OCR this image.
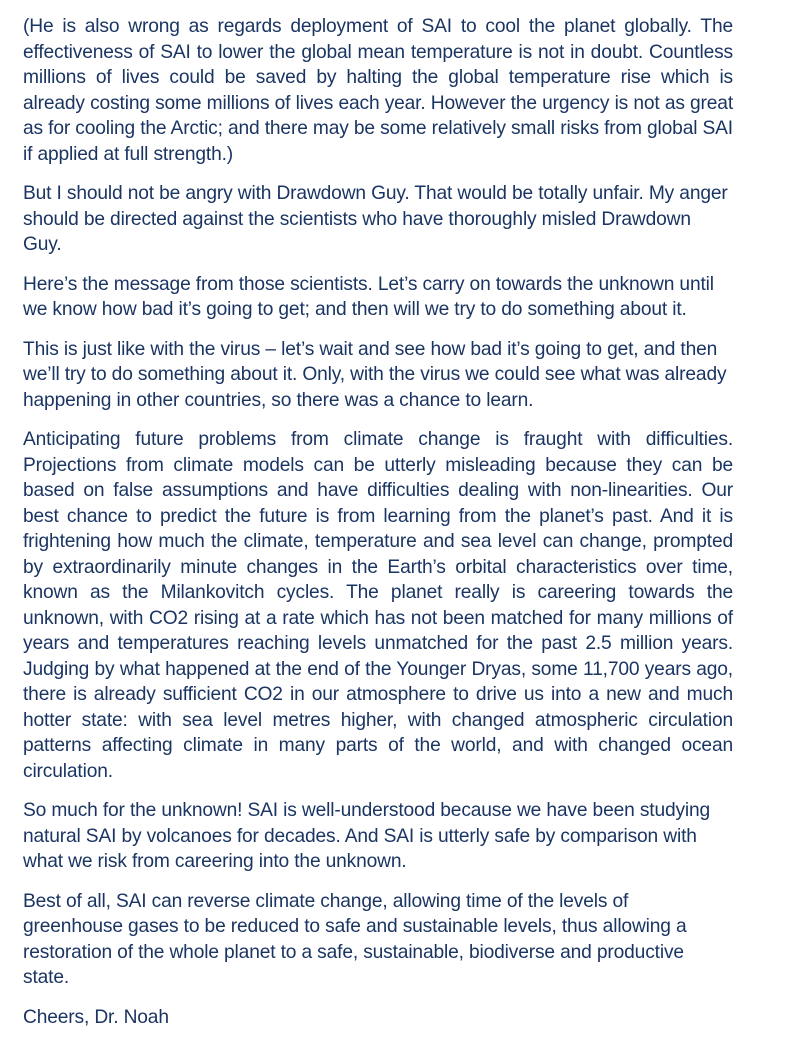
(He is also wrong as regards deployment of SAI to cool the planet globally. The effectiveness of SAI to lower the global mean temperature is not in doubt. Countless millions of lives could be saved by halting the global temperature rise which is already costing some millions of lives each year. However the urgency is not as great as for cooling the Arctic; and there may be some relatively small risks from global SAI if applied at full strength.)

But I should not be angry with Drawdown Guy. That would be totally unfair. My anger should be directed against the scientists who have thoroughly misled Drawdown Guy.

Here’s the message from those scientists. Let’s carry on towards the unknown until we know how bad it’s going to get; and then will we try to do something about it.

This is just like with the virus – let’s wait and see how bad it’s going to get, and then we’ll try to do something about it. Only, with the virus we could see what was already happening in other countries, so there was a chance to learn.

Anticipating future problems from climate change is fraught with difficulties. Projections from climate models can be utterly misleading because they can be based on false assumptions and have difficulties dealing with non-linearities. Our best chance to predict the future is from learning from the planet’s past. And it is frightening how much the climate, temperature and sea level can change, prompted by extraordinarily minute changes in the Earth’s orbital characteristics over time, known as the Milankovitch cycles. The planet really is careering towards the unknown, with CO2 rising at a rate which has not been matched for many millions of years and temperatures reaching levels unmatched for the past 2.5 million years. Judging by what happened at the end of the Younger Dryas, some 11,700 years ago, there is already sufficient CO2 in our atmosphere to drive us into a new and much hotter state: with sea level metres higher, with changed atmospheric circulation patterns affecting climate in many parts of the world, and with changed ocean circulation.

So much for the unknown! SAI is well-understood because we have been studying natural SAI by volcanoes for decades. And SAI is utterly safe by comparison with what we risk from careering into the unknown.

Best of all, SAI can reverse climate change, allowing time of the levels of greenhouse gases to be reduced to safe and sustainable levels, thus allowing a restoration of the whole planet to a safe, sustainable, biodiverse and productive state.

Cheers, Dr. Noah
